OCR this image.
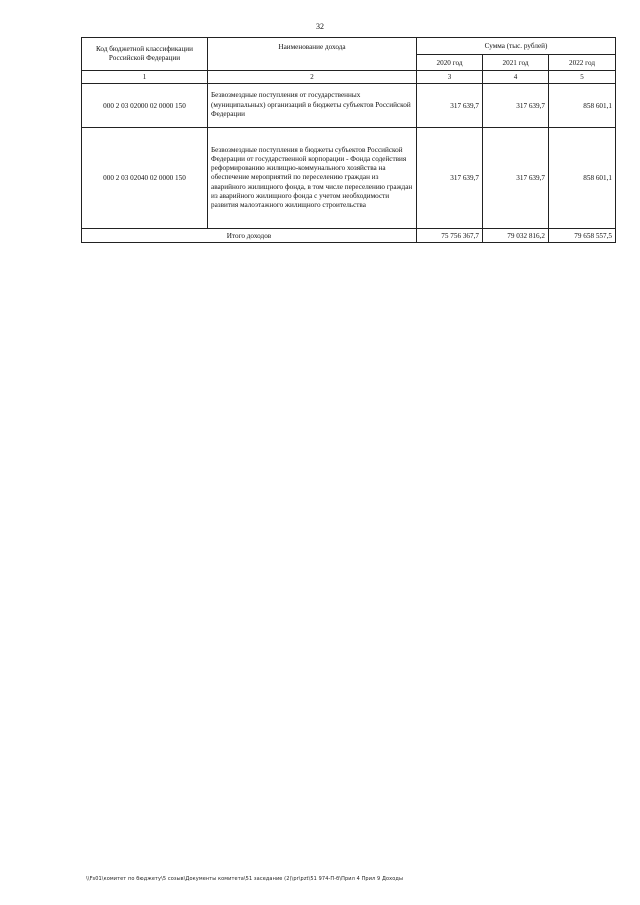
32
Код бюджетной классификации Российской Федерации	Наименование дохода	Сумма (тыс. рублей)		
		2020 год	2021 год	2022 год
1	2	3	4	5
000 2 03 02000 02 0000 150	Безвозмездные поступления от государственных (муниципальных) организаций в бюджеты субъектов Российской Федерации	317 639,7	317 639,7	858 601,1
000 2 03 02040 02 0000 150	Безвозмездные поступления в бюджеты субъектов Российской Федерации от государственной корпорации - Фонда содействия реформированию жилищно-коммунального хозяйства на обеспечение мероприятий по переселению граждан из аварийного жилищного фонда, в том числе переселению граждан из аварийного жилищного фонда с учетом необходимости развития малоэтажного жилищного строительства	317 639,7	317 639,7	858 601,1
Итого доходов		75 756 367,7	79 032 816,2	79 658 557,5
\\Fs01\комитет по бюджету\5 созыв\Документы комитета\51 заседание (2)\pr\pzt\51 974-П-б\Прил 4 Прил 9 Доходы
